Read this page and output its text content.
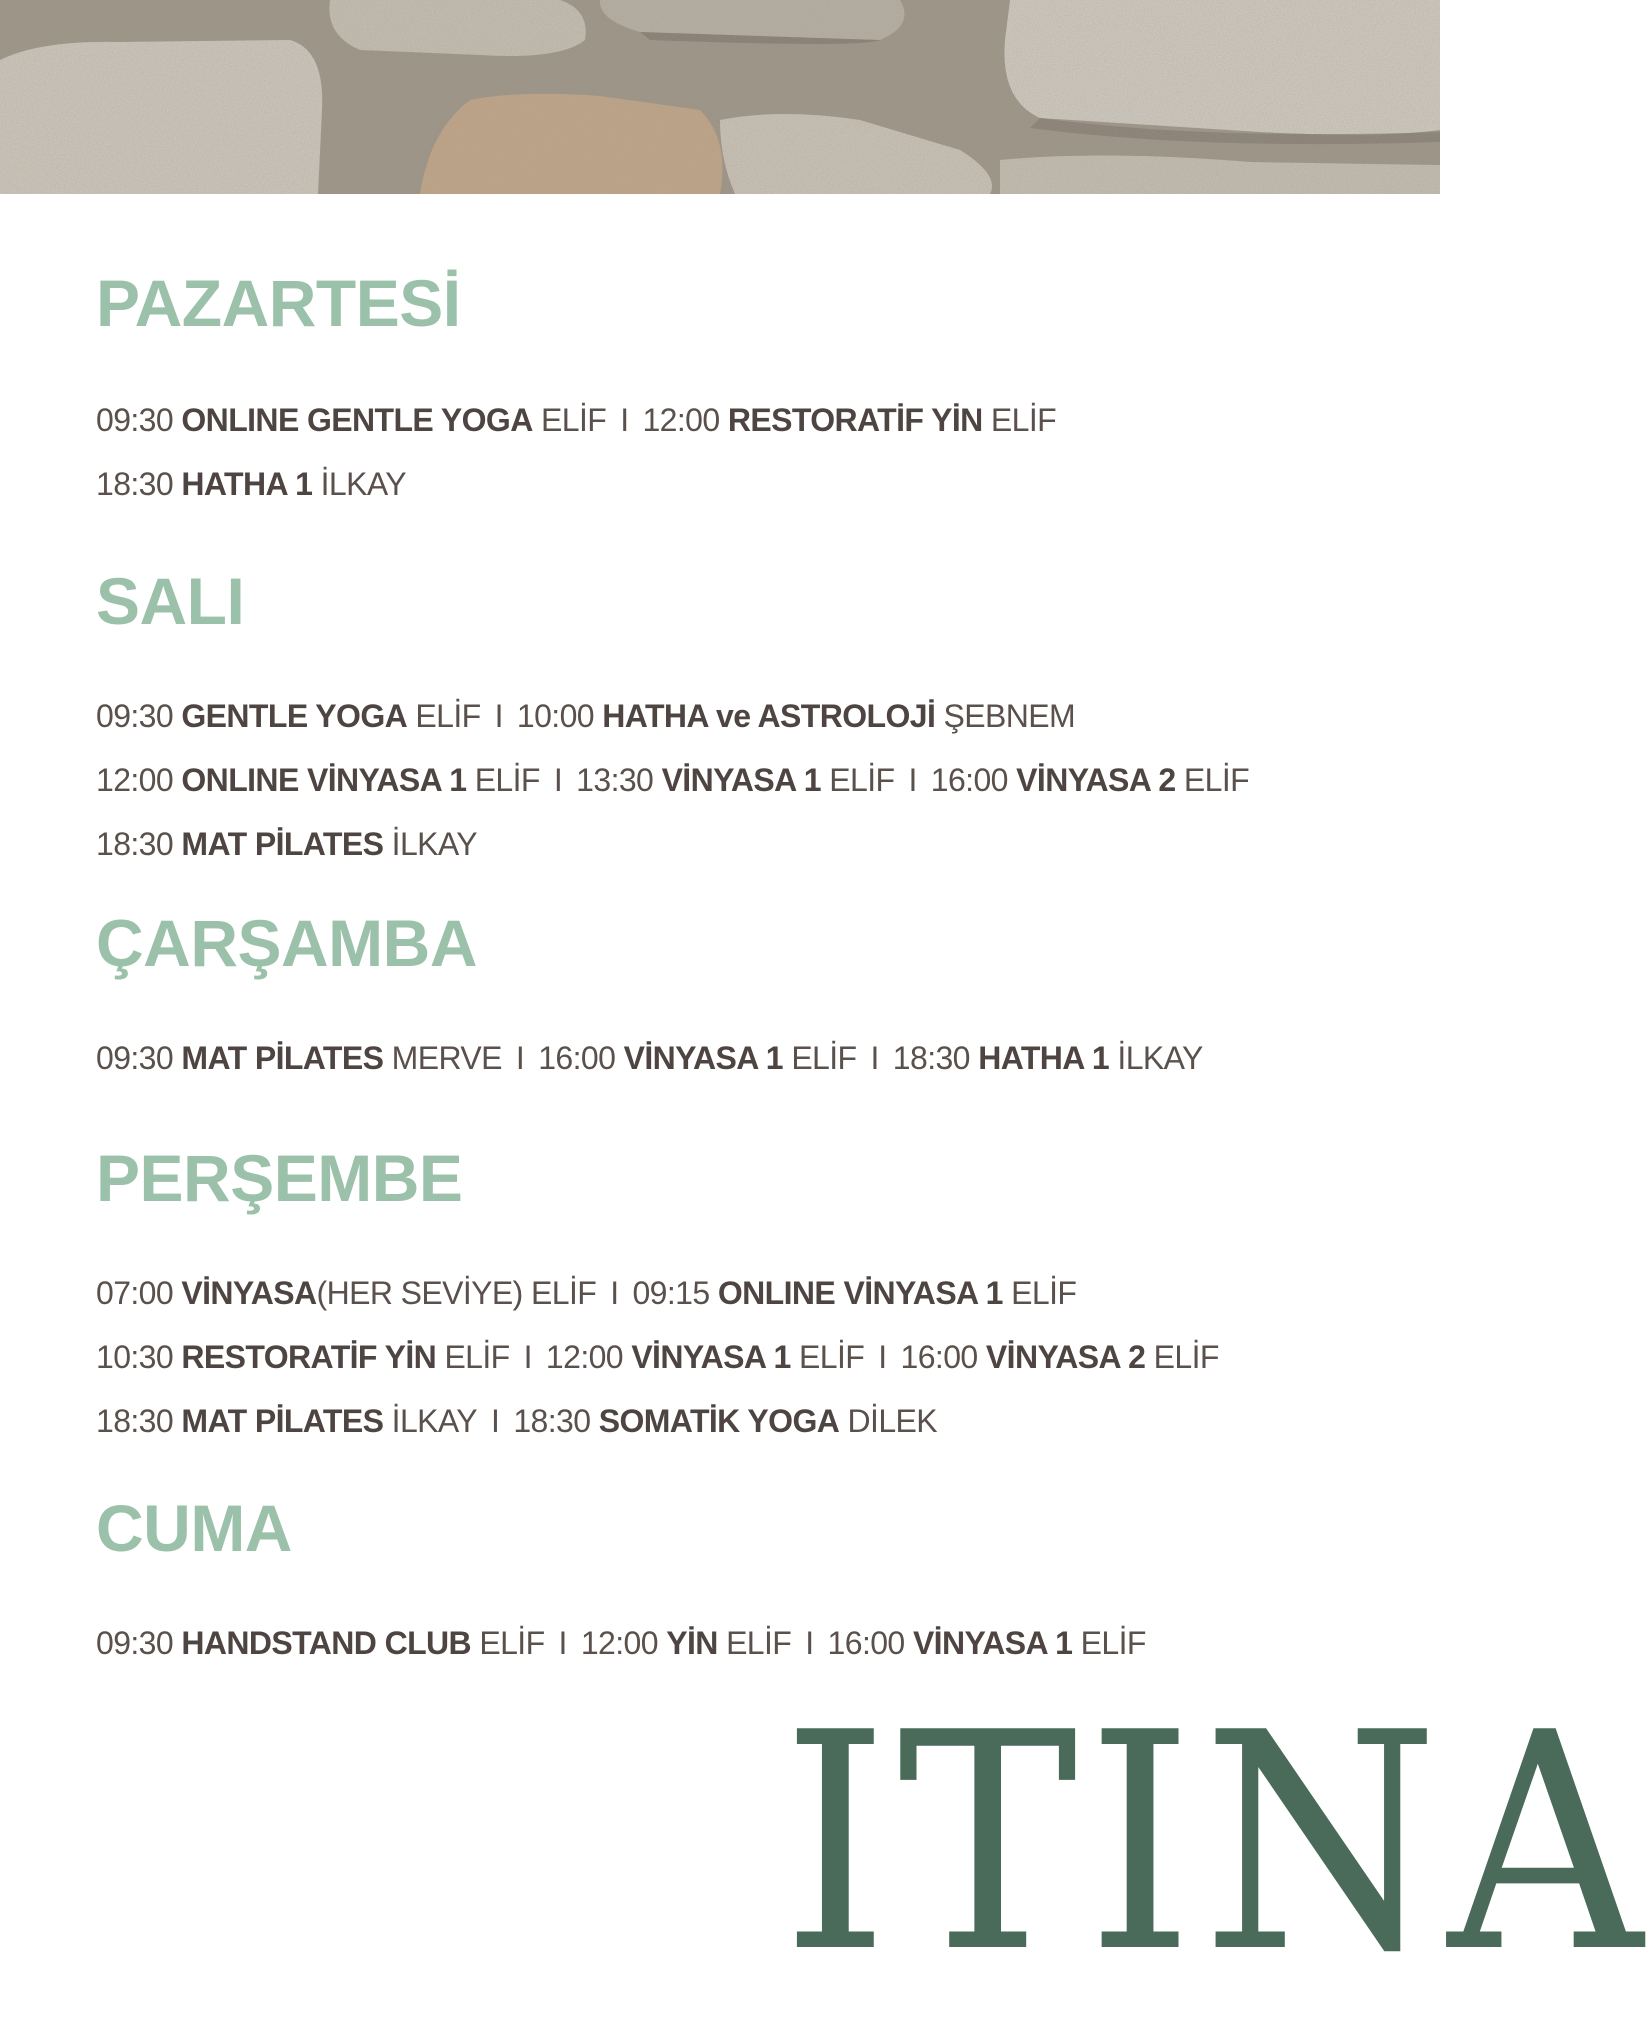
PAZARTESİ
09:30 ONLINE GENTLE YOGA ELİF I 12:00 RESTORATİF YİN ELİF
18:30 HATHA 1 İLKAY
SALI
09:30 GENTLE YOGA ELİF I 10:00 HATHA ve ASTROLOJİ ŞEBNEM
12:00 ONLINE VİNYASA 1 ELİF I 13:30 VİNYASA 1 ELİF I 16:00 VİNYASA 2 ELİF
18:30 MAT PİLATES İLKAY
ÇARŞAMBA
09:30 MAT PİLATES MERVE I 16:00 VİNYASA 1 ELİF I 18:30 HATHA 1 İLKAY
PERŞEMBE
07:00 VİNYASA(HER SEVİYE) ELİF I 09:15 ONLINE VİNYASA 1 ELİF
10:30 RESTORATİF YİN ELİF I 12:00 VİNYASA 1 ELİF I 16:00 VİNYASA 2 ELİF
18:30 MAT PİLATES İLKAY I 18:30 SOMATİK YOGA DİLEK
CUMA
09:30 HANDSTAND CLUB ELİF I 12:00 YİN ELİF I 16:00 VİNYASA 1 ELİF
ITINA
